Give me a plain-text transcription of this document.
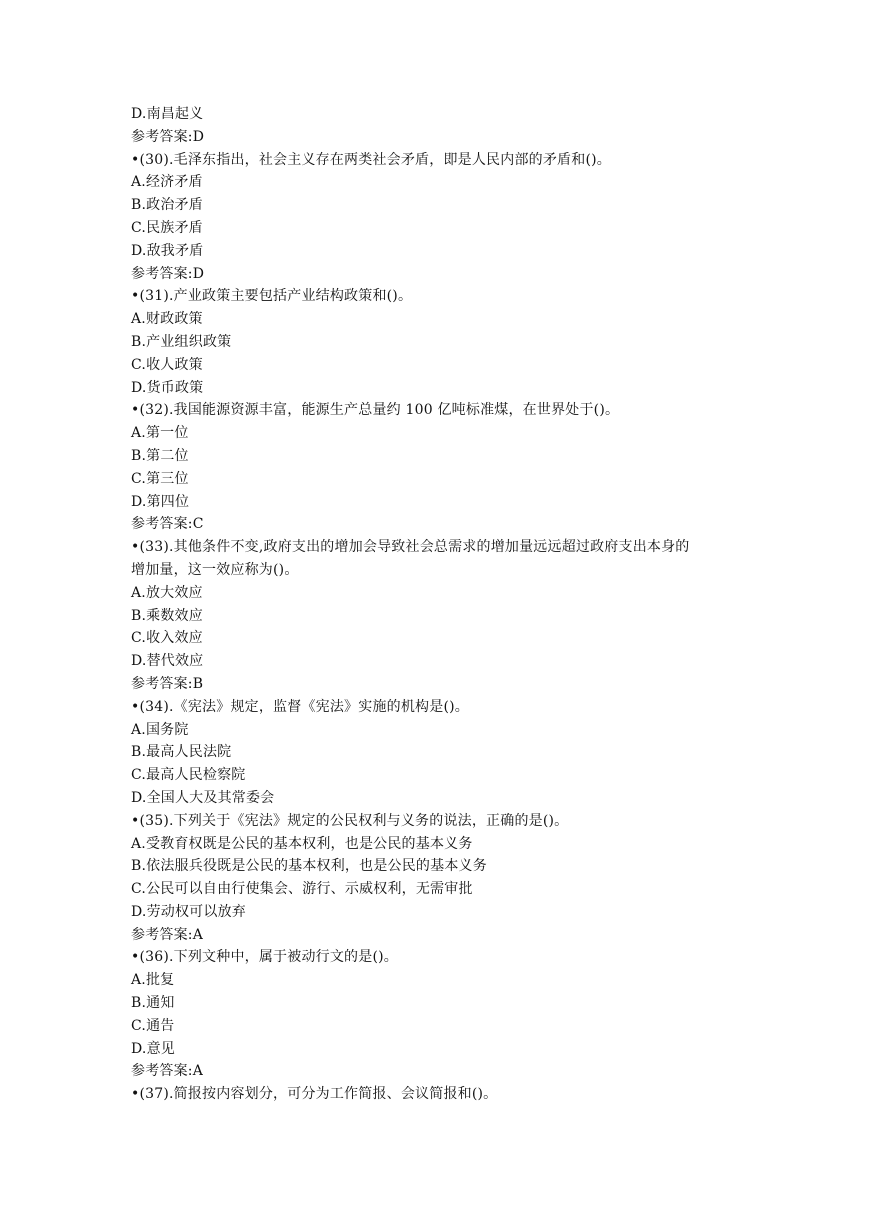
D.南昌起义
参考答案:D
•(30).毛泽东指出，社会主义存在两类社会矛盾，即是人民内部的矛盾和()。
A.经济矛盾
B.政治矛盾
C.民族矛盾
D.敌我矛盾
参考答案:D
•(31).产业政策主要包括产业结构政策和()。
A.财政政策
B.产业组织政策
C.收人政策
D.货币政策
•(32).我国能源资源丰富，能源生产总量约 100 亿吨标准煤，在世界处于()。
A.第一位
B.第二位
C.第三位
D.第四位
参考答案:C
•(33).其他条件不变,政府支出的增加会导致社会总需求的增加量远远超过政府支出本身的
增加量，这一效应称为()。
A.放大效应
B.乘数效应
C.收入效应
D.替代效应
参考答案:B
•(34).《宪法》规定，监督《宪法》实施的机构是()。
A.国务院
B.最高人民法院
C.最高人民检察院
D.全国人大及其常委会
•(35).下列关于《宪法》规定的公民权利与义务的说法，正确的是()。
A.受教育权既是公民的基本权利，也是公民的基本义务
B.依法服兵役既是公民的基本权利，也是公民的基本义务
C.公民可以自由行使集会、游行、示威权利，无需审批
D.劳动权可以放弃
参考答案:A
•(36).下列文种中，属于被动行文的是()。
A.批复
B.通知
C.通告
D.意见
参考答案:A
•(37).简报按内容划分，可分为工作简报、会议简报和()。
